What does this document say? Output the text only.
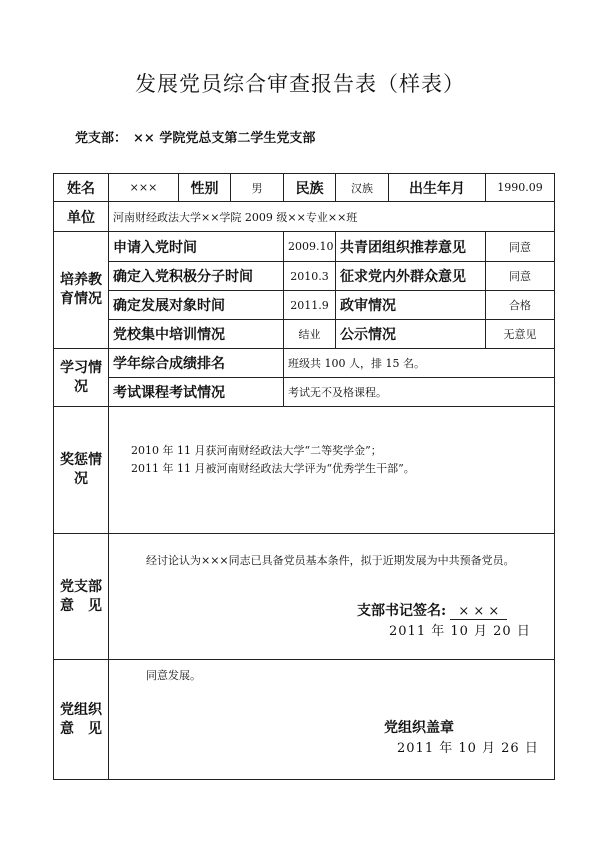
发展党员综合审查报告表（样表）
党支部： ×× 学院党总支第二学生党支部
姓名	×××	性别	男	民族	汉族	出生年月	1990.09
单位	河南财经政法大学××学院 2009 级××专业××班						
培养教育情况	申请入党时间			2009.10	共青团组织推荐意见		同意
	确定入党积极分子时间			2010.3	征求党内外群众意见		同意
	确定发展对象时间			2011.9	政审情况		合格
	党校集中培训情况			结业	公示情况		无意见
学习情况	学年综合成绩排名			班级共 100 人，排 15 名。			
	考试课程考试情况			考试无不及格课程。			
奖惩情况	2010 年 11 月获河南财经政法大学“二等奖学金”；
2011 年 11 月被河南财经政法大学评为“优秀学生干部”。						

党支部意　见	经讨论认为×××同志已具备党员基本条件，拟于近期发展为中共预备党员。
支部书记签名: × × ×
2011 年 10 月 20 日						

党组织意　见	同意发展。
党组织盖章
2011 年 10 月 26 日						
